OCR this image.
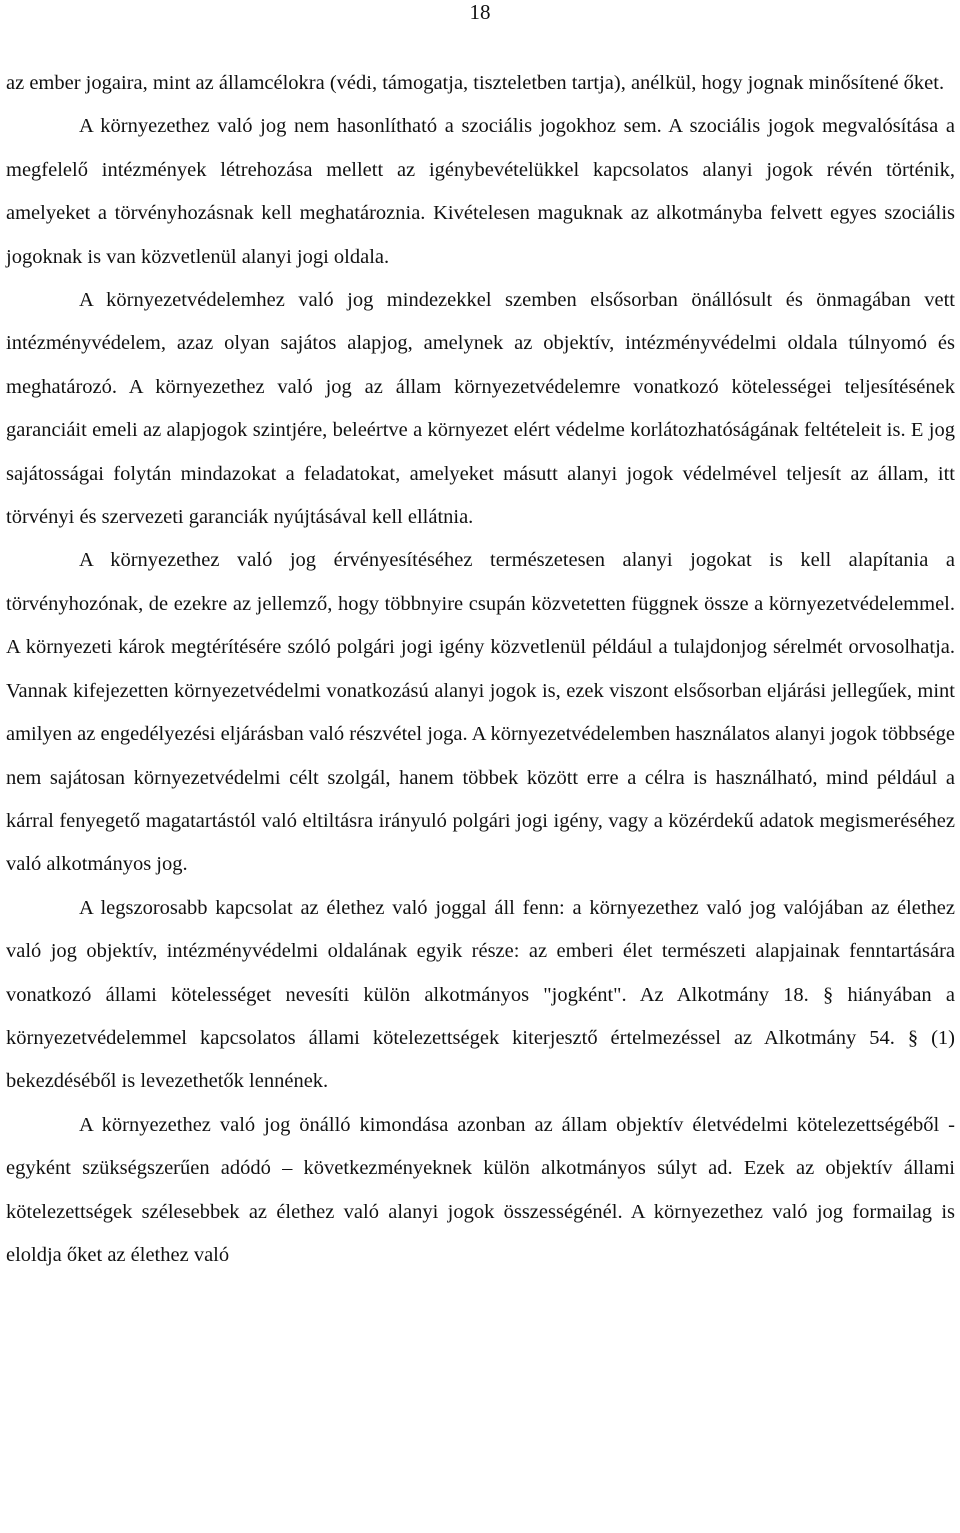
18

az ember jogaira, mint az államcélokra (védi, támogatja, tiszteletben tartja), anélkül, hogy jognak minősítené őket.

A környezethez való jog nem hasonlítható a szociális jogokhoz sem. A szociális jogok megvalósítása a megfelelő intézmények létrehozása mellett az igénybevételükkel kapcsolatos alanyi jogok révén történik, amelyeket a törvényhozásnak kell meghatároznia. Kivételesen maguknak az alkotmányba felvett egyes szociális jogoknak is van közvetlenül alanyi jogi oldala.

A környezetvédelemhez való jog mindezekkel szemben elsősorban önállósult és önmagában vett intézményvédelem, azaz olyan sajátos alapjog, amelynek az objektív, intézményvédelmi oldala túlnyomó és meghatározó. A környezethez való jog az állam környezetvédelemre vonatkozó kötelességei teljesítésének garanciáit emeli az alapjogok szintjére, beleértve a környezet elért védelme korlátozhatóságának feltételeit is. E jog sajátosságai folytán mindazokat a feladatokat, amelyeket másutt alanyi jogok védelmével teljesít az állam, itt törvényi és szervezeti garanciák nyújtásával kell ellátnia.

A környezethez való jog érvényesítéséhez természetesen alanyi jogokat is kell alapítania a törvényhozónak, de ezekre az jellemző, hogy többnyire csupán közvetetten függnek össze a környezetvédelemmel. A környezeti károk megtérítésére szóló polgári jogi igény közvetlenül például a tulajdonjog sérelmét orvosolhatja. Vannak kifejezetten környezetvédelmi vonatkozású alanyi jogok is, ezek viszont elsősorban eljárási jellegűek, mint amilyen az engedélyezési eljárásban való részvétel joga. A környezetvédelemben használatos alanyi jogok többsége nem sajátosan környezetvédelmi célt szolgál, hanem többek között erre a célra is használható, mind például a kárral fenyegető magatartástól való eltiltásra irányuló polgári jogi igény, vagy a közérdekű adatok megismeréséhez való alkotmányos jog.

A legszorosabb kapcsolat az élethez való joggal áll fenn: a környezethez való jog valójában az élethez való jog objektív, intézményvédelmi oldalának egyik része: az emberi élet természeti alapjainak fenntartására vonatkozó állami kötelességet nevesíti külön alkotmányos "jogként". Az Alkotmány 18. § hiányában a környezetvédelemmel kapcsolatos állami kötelezettségek kiterjesztő értelmezéssel az Alkotmány 54. § (1) bekezdéséből is levezethetők lennének.

A környezethez való jog önálló kimondása azonban az állam objektív életvédelmi kötelezettségéből - egyként szükségszerűen adódó – következményeknek külön alkotmányos súlyt ad. Ezek az objektív állami kötelezettségek szélesebbek az élethez való alanyi jogok összességénél. A környezethez való jog formailag is eloldja őket az élethez való
